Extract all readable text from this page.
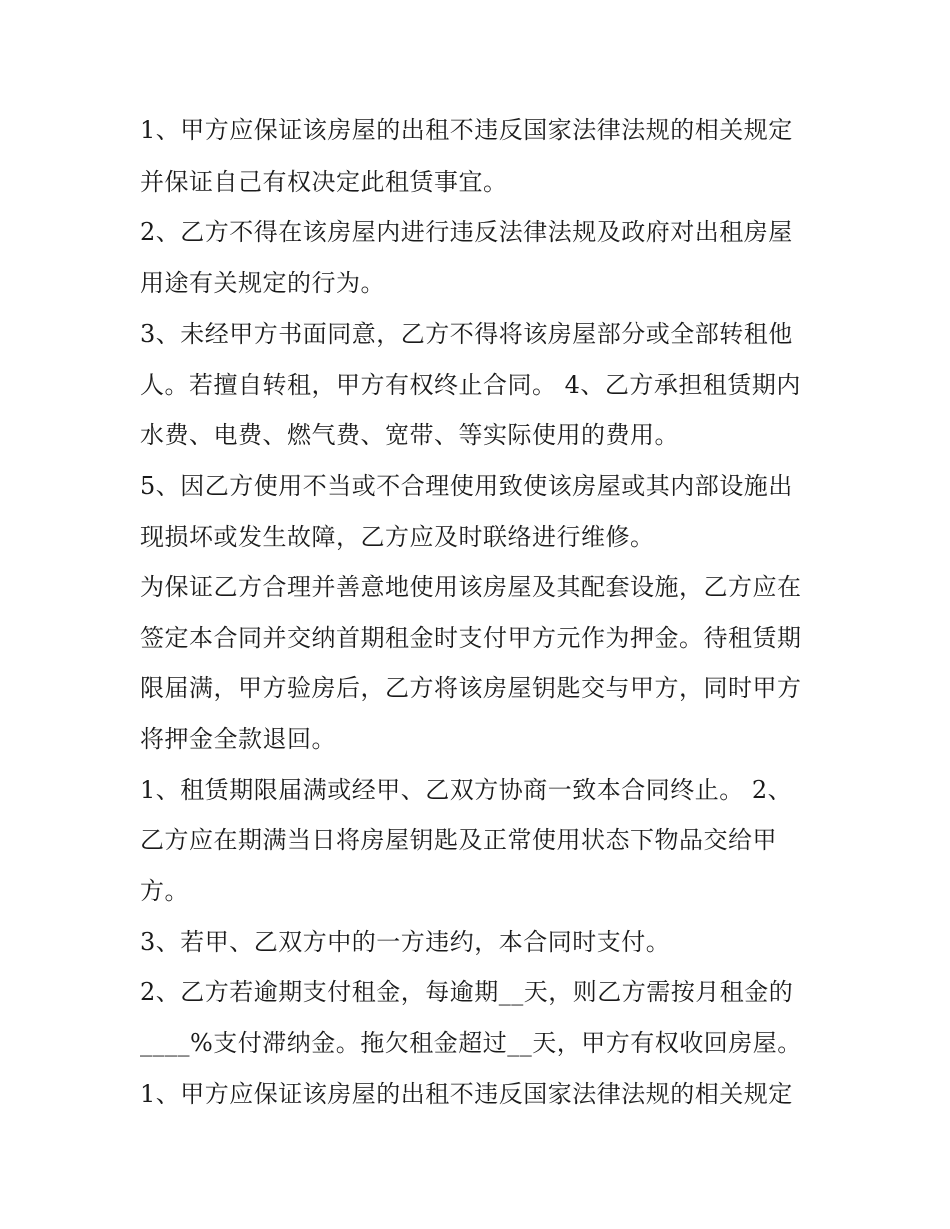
1、甲方应保证该房屋的出租不违反国家法律法规的相关规定
并保证自己有权决定此租赁事宜。
2、乙方不得在该房屋内进行违反法律法规及政府对出租房屋
用途有关规定的行为。
3、未经甲方书面同意，乙方不得将该房屋部分或全部转租他
人。若擅自转租，甲方有权终止合同。 4、乙方承担租赁期内
水费、电费、燃气费、宽带、等实际使用的费用。
5、因乙方使用不当或不合理使用致使该房屋或其内部设施出
现损坏或发生故障，乙方应及时联络进行维修。
为保证乙方合理并善意地使用该房屋及其配套设施，乙方应在
签定本合同并交纳首期租金时支付甲方元作为押金。待租赁期
限届满，甲方验房后，乙方将该房屋钥匙交与甲方，同时甲方
将押金全款退回。
1、租赁期限届满或经甲、乙双方协商一致本合同终止。 2、
乙方应在期满当日将房屋钥匙及正常使用状态下物品交给甲
方。
3、若甲、乙双方中的一方违约，本合同时支付。
2、乙方若逾期支付租金，每逾期__天，则乙方需按月租金的
____%支付滞纳金。拖欠租金超过__天，甲方有权收回房屋。
1、甲方应保证该房屋的出租不违反国家法律法规的相关规定
